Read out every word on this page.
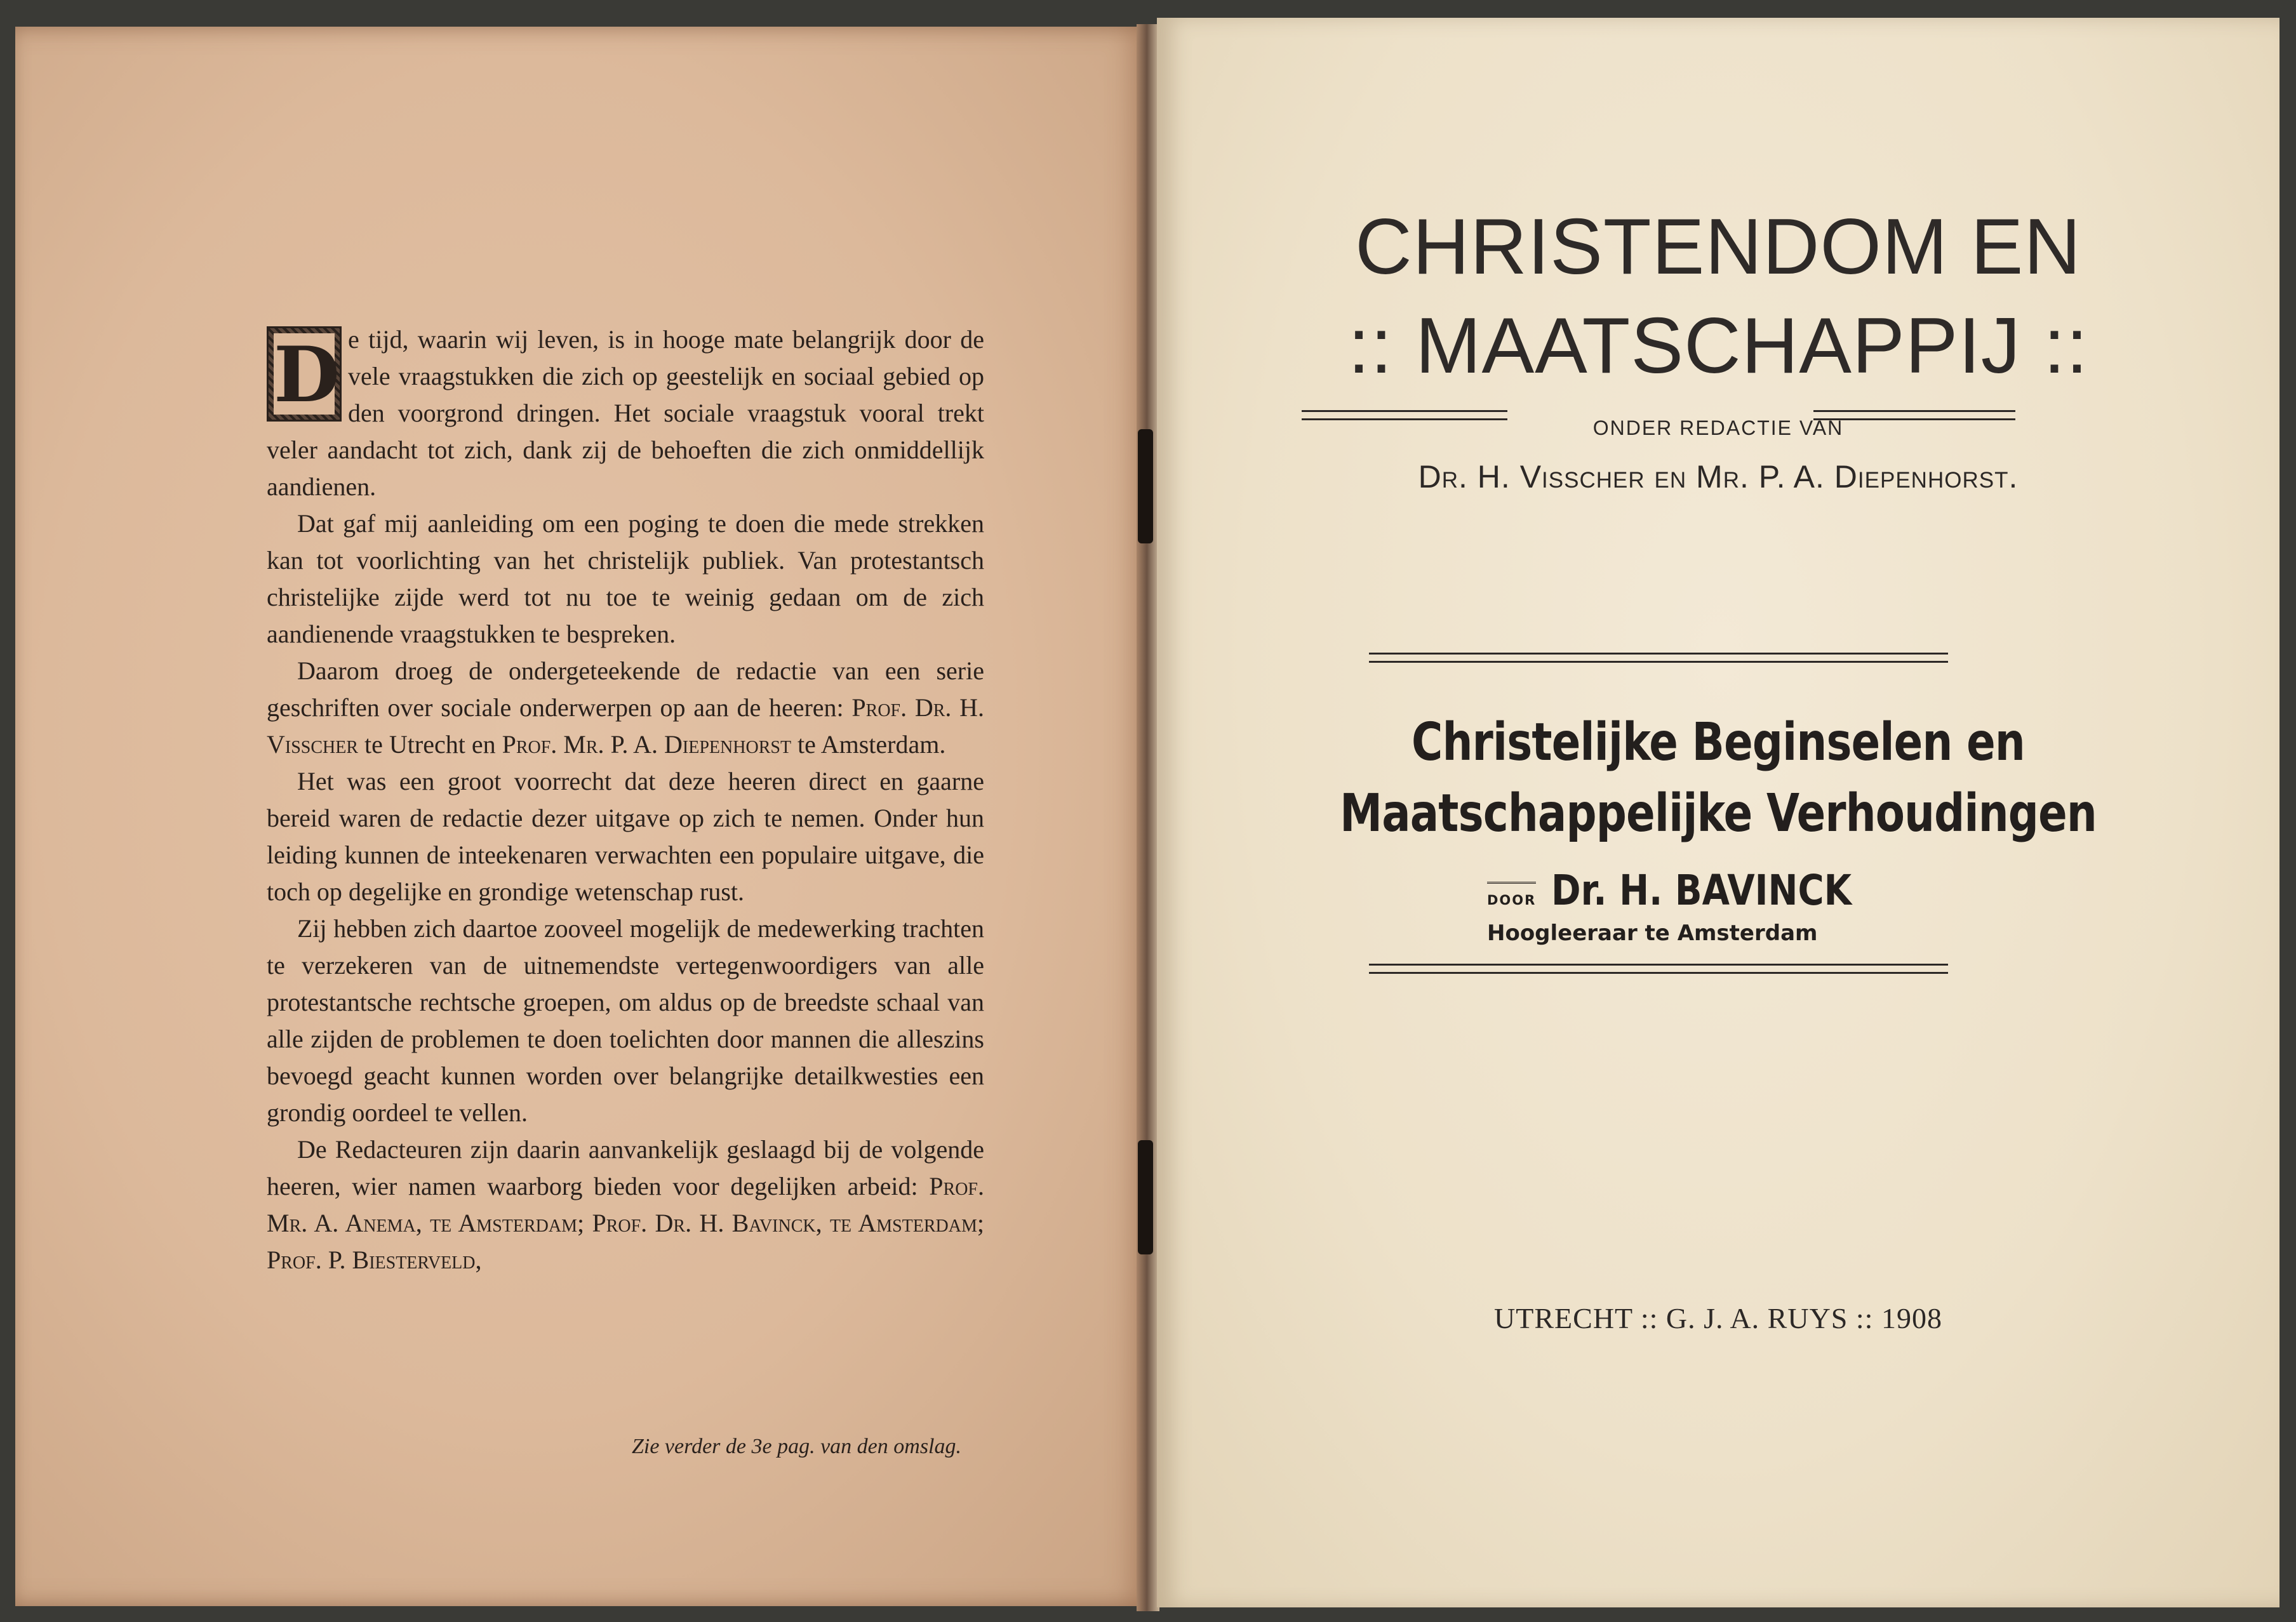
D e tijd, waarin wij leven, is in hooge mate belangrijk door de vele vraagstukken die zich op geestelijk en sociaal gebied op den voorgrond dringen. Het sociale vraagstuk vooral trekt veler aandacht tot zich, dank zij de behoeften die zich onmiddellijk aandienen.

Dat gaf mij aanleiding om een poging te doen die mede strekken kan tot voorlichting van het christelijk publiek. Van protestantsch christelijke zijde werd tot nu toe te weinig gedaan om de zich aandienende vraagstukken te bespreken.

Daarom droeg de ondergeteekende de redactie van een serie geschriften over sociale onderwerpen op aan de heeren: Prof. Dr. H. Visscher te Utrecht en Prof. Mr. P. A. Diepenhorst te Amsterdam.

Het was een groot voorrecht dat deze heeren direct en gaarne bereid waren de redactie dezer uitgave op zich te nemen. Onder hun leiding kunnen de inteekenaren verwachten een populaire uitgave, die toch op degelijke en grondige wetenschap rust.

Zij hebben zich daartoe zooveel mogelijk de medewerking trachten te verzekeren van de uitnemendste vertegenwoordigers van alle protestantsche rechtsche groepen, om aldus op de breedste schaal van alle zijden de problemen te doen toelichten door mannen die alleszins bevoegd geacht kunnen worden over belangrijke detailkwesties een grondig oordeel te vellen.

De Redacteuren zijn daarin aanvankelijk geslaagd bij de volgende heeren, wier namen waarborg bieden voor degelijken arbeid: Prof. Mr. A. Anema, te Amsterdam; Prof. Dr. H. Bavinck, te Amsterdam; Prof. P. Biesterveld,

Zie verder de 3e pag. van den omslag.
CHRISTENDOM EN
:: MAATSCHAPPIJ ::
ONDER REDACTIE VAN
Dr. H. Visscher en Mr. P. A. Diepenhorst.
Christelijke Beginselen en
Maatschappelijke Verhoudingen
door Dr. H. BAVINCK
Hoogleeraar te Amsterdam
UTRECHT :: G. J. A. RUYS :: 1908
